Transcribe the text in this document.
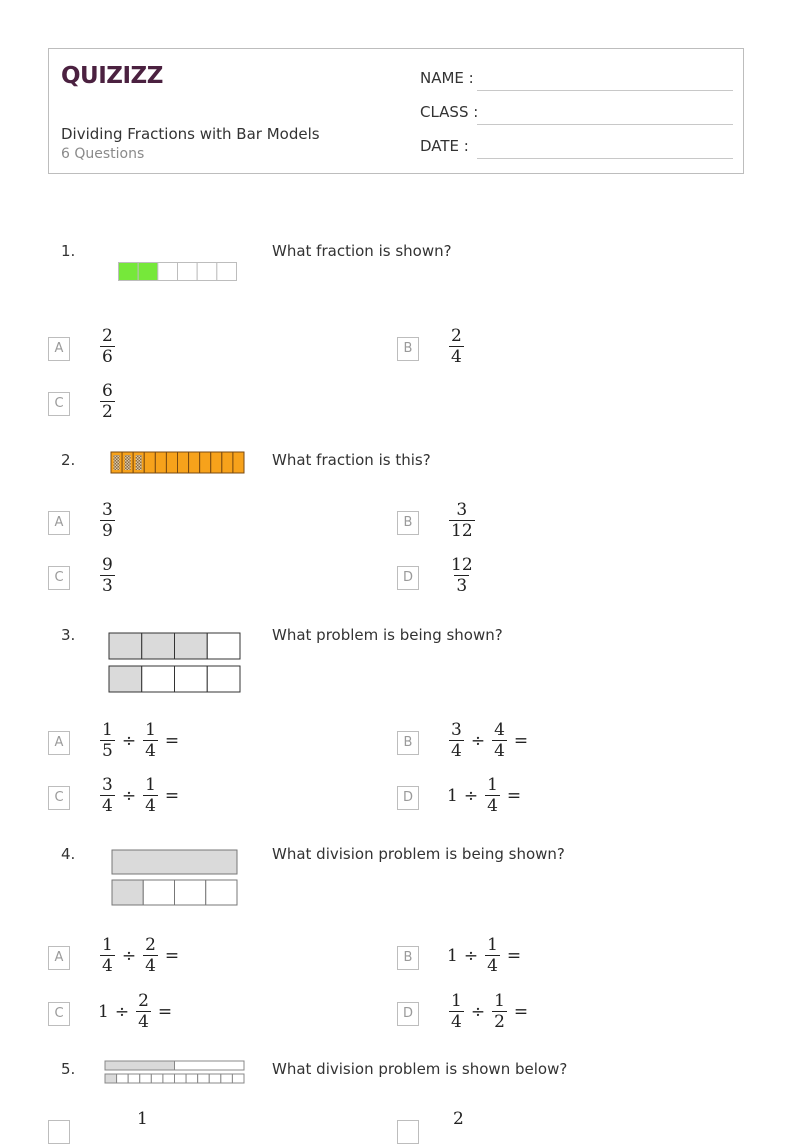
QUIZIZZ
Dividing Fractions with Bar Models
6 Questions
NAME :
CLASS :
DATE :
1.	What fraction is shown?
A	$\frac{2}{6}$	B	$\frac{2}{4}$
C	$\frac{6}{2}$
2.	What fraction is this?
A	$\frac{3}{9}$	B	$\frac{3}{12}$
C	$\frac{9}{3}$	D	$\frac{12}{3}$
3.	What problem is being shown?
A	$\frac{1}{5} \div \frac{1}{4}$ =	B	$\frac{3}{4} \div \frac{4}{4}$ =
C	$\frac{3}{4} \div \frac{1}{4}$ =	D	$1 \div \frac{1}{4}$ =
4.	What division problem is being shown?
A	$\frac{1}{4} \div \frac{2}{4}$ =	B	$1 \div \frac{1}{4}$ =
C	$1 \div \frac{2}{4}$ =	D	$\frac{1}{4} \div \frac{1}{2}$ =
5.	What division problem is shown below?
1	2
